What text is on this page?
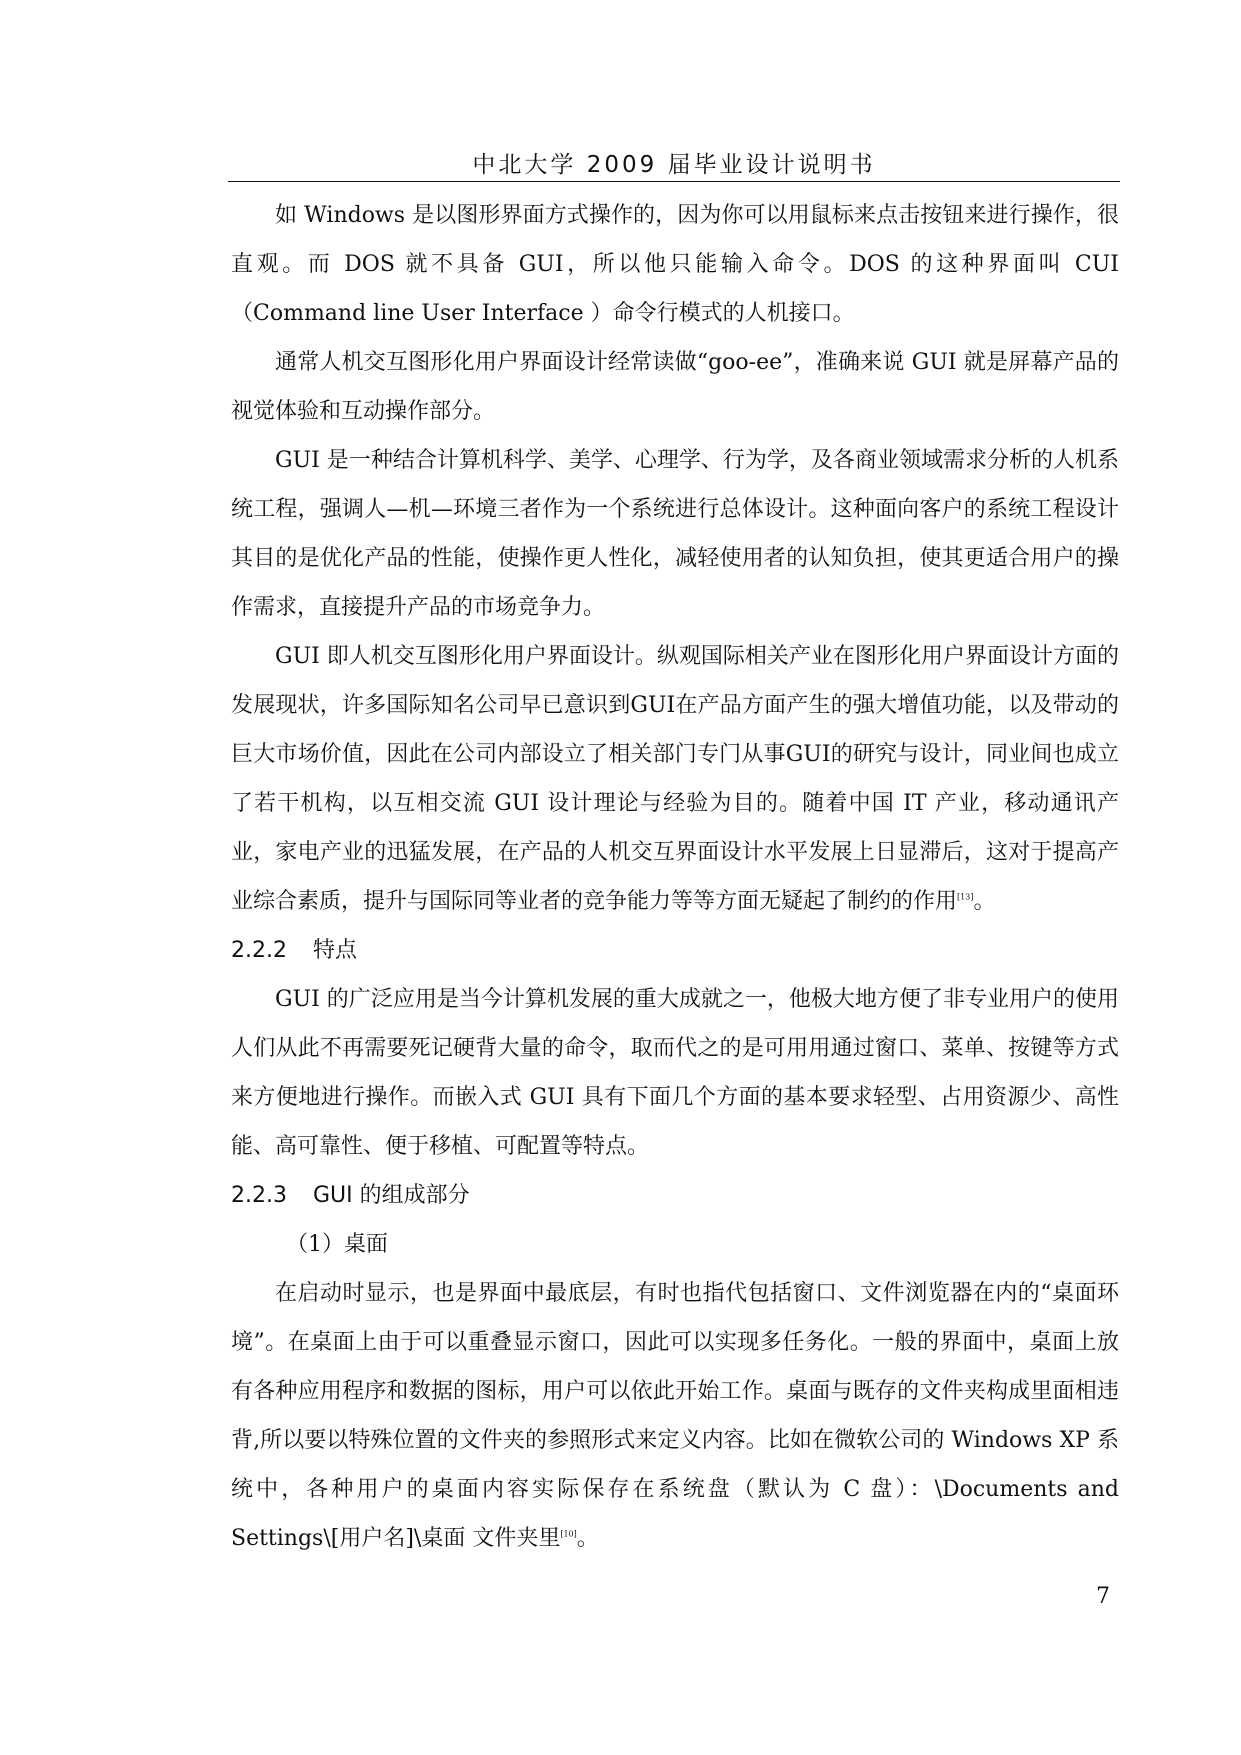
中北大学 2009 届毕业设计说明书

如 Windows 是以图形界面方式操作的，因为你可以用鼠标来点击按钮来进行操作，很直观。而 DOS 就不具备 GUI，所以他只能输入命令。DOS 的这种界面叫 CUI（Command line User Interface ）命令行模式的人机接口。

通常人机交互图形化用户界面设计经常读做“goo-ee”，准确来说 GUI 就是屏幕产品的视觉体验和互动操作部分。

GUI 是一种结合计算机科学、美学、心理学、行为学，及各商业领域需求分析的人机系统工程，强调人—机—环境三者作为一个系统进行总体设计。这种面向客户的系统工程设计其目的是优化产品的性能，使操作更人性化，减轻使用者的认知负担，使其更适合用户的操作需求，直接提升产品的市场竞争力。

GUI 即人机交互图形化用户界面设计。纵观国际相关产业在图形化用户界面设计方面的发展现状，许多国际知名公司早已意识到GUI在产品方面产生的强大增值功能，以及带动的巨大市场价值，因此在公司内部设立了相关部门专门从事GUI的研究与设计，同业间也成立了若干机构，以互相交流 GUI 设计理论与经验为目的。随着中国 IT 产业，移动通讯产业，家电产业的迅猛发展，在产品的人机交互界面设计水平发展上日显滞后，这对于提高产业综合素质，提升与国际同等业者的竞争能力等等方面无疑起了制约的作用[13]。

2.2.2 特点

GUI 的广泛应用是当今计算机发展的重大成就之一，他极大地方便了非专业用户的使用人们从此不再需要死记硬背大量的命令，取而代之的是可用用通过窗口、菜单、按键等方式来方便地进行操作。而嵌入式 GUI 具有下面几个方面的基本要求轻型、占用资源少、高性能、高可靠性、便于移植、可配置等特点。

2.2.3 GUI 的组成部分

（1）桌面

在启动时显示，也是界面中最底层，有时也指代包括窗口、文件浏览器在内的“桌面环境”。在桌面上由于可以重叠显示窗口，因此可以实现多任务化。一般的界面中，桌面上放有各种应用程序和数据的图标，用户可以依此开始工作。桌面与既存的文件夹构成里面相违背,所以要以特殊位置的文件夹的参照形式来定义内容。比如在微软公司的 Windows XP 系统中，各种用户的桌面内容实际保存在系统盘（默认为 C 盘）：\Documents and Settings\[用户名]\桌面 文件夹里[10]。

7
